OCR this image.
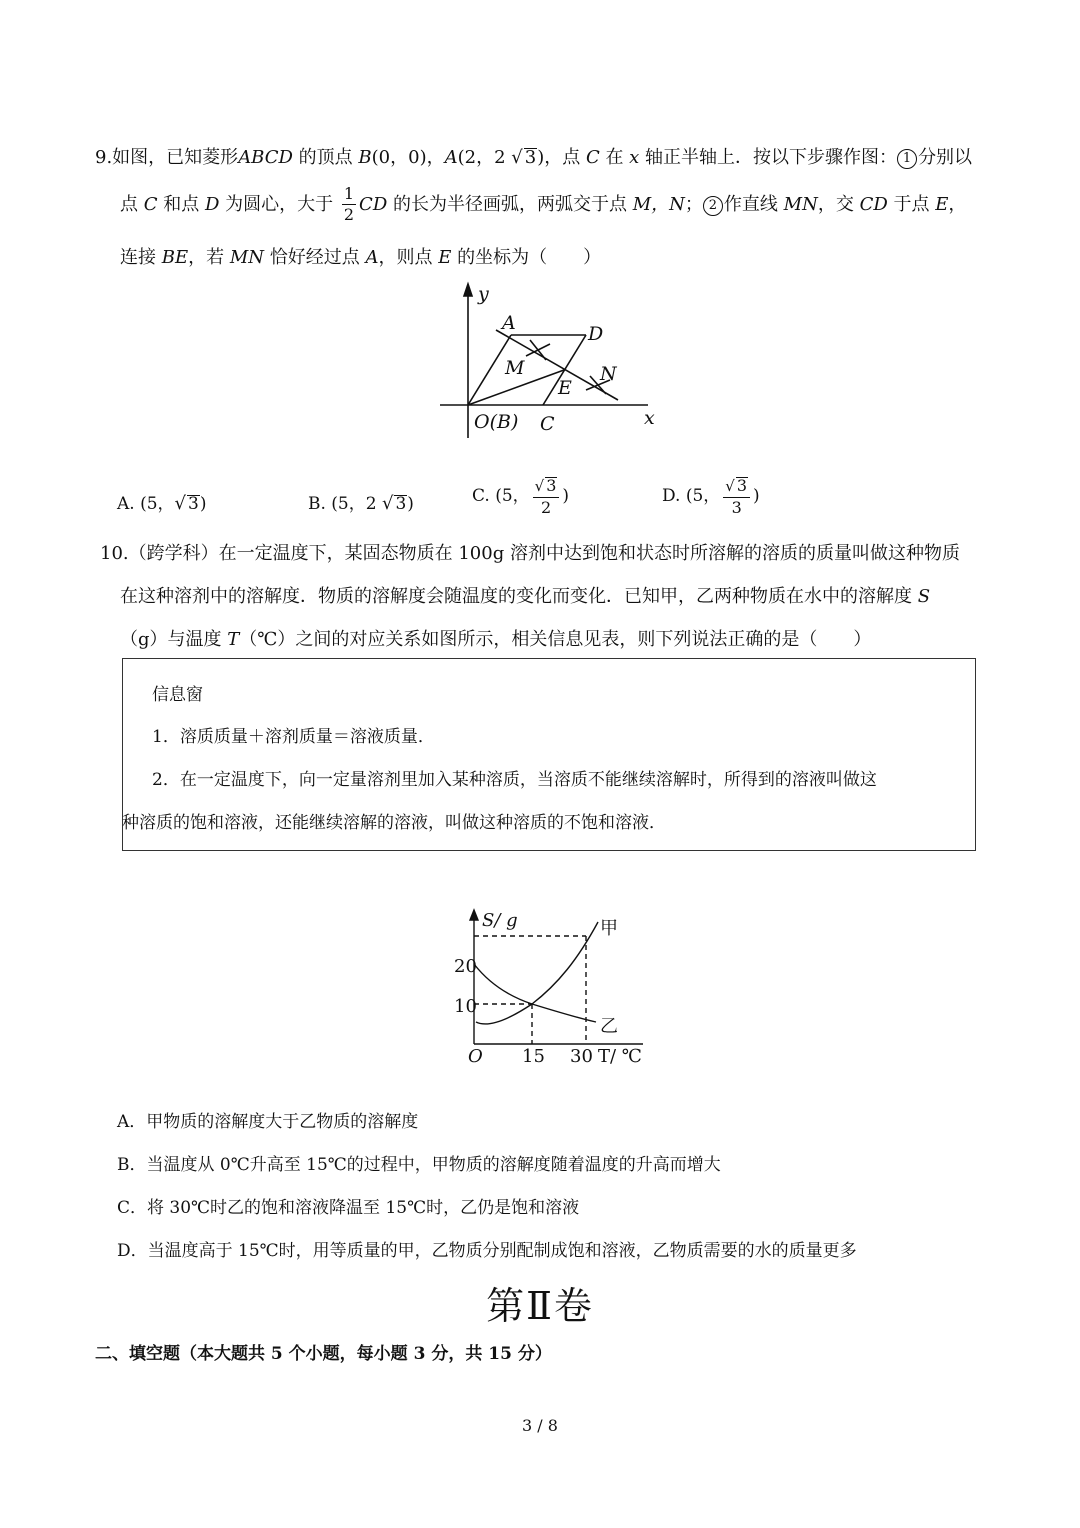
9.如图，已知菱形ABCD 的顶点 B(0，0)，A(2，2 √ 3)，点 C 在 x 轴正半轴上．按以下步骤作图： 1 分别以
点 C 和点 D 为圆心，大于 $\frac{1}{2}$ CD 的长为半径画弧，两弧交于点 M，N； 2 作直线 MN，交 CD 于点 E，
连接 BE，若 MN 恰好经过点 A，则点 E 的坐标为（　　）
y
x
A	D
M	N
E
O(B) C
A. (5，√ 3)	B. (5，2 √ 3)	C. (5， $\frac{√ 3}{2}$ )	D. (5， $\frac{√ 3}{3}$ )
10.（跨学科）在一定温度下，某固态物质在 100g 溶剂中达到饱和状态时所溶解的溶质的质量叫做这种物质
在这种溶剂中的溶解度．物质的溶解度会随温度的变化而变化．已知甲，乙两种物质在水中的溶解度 S
（g）与温度 T（℃）之间的对应关系如图所示，相关信息见表，则下列说法正确的是（　　）
信息窗
1．溶质质量＋溶剂质量＝溶液质量．
2．在一定温度下，向一定量溶剂里加入某种溶质，当溶质不能继续溶解时，所得到的溶液叫做这
种溶质的饱和溶液，还能继续溶解的溶液，叫做这种溶质的不饱和溶液．
S/ g
20
10
O 15 30 T/ ℃
甲
乙
A．甲物质的溶解度大于乙物质的溶解度
B．当温度从 0℃升高至 15℃的过程中，甲物质的溶解度随着温度的升高而增大
C．将 30℃时乙的饱和溶液降温至 15℃时，乙仍是饱和溶液
D．当温度高于 15℃时，用等质量的甲，乙物质分别配制成饱和溶液，乙物质需要的水的质量更多
第Ⅱ卷
二、填空题（本大题共 5 个小题，每小题 3 分，共 15 分）
3 / 8
